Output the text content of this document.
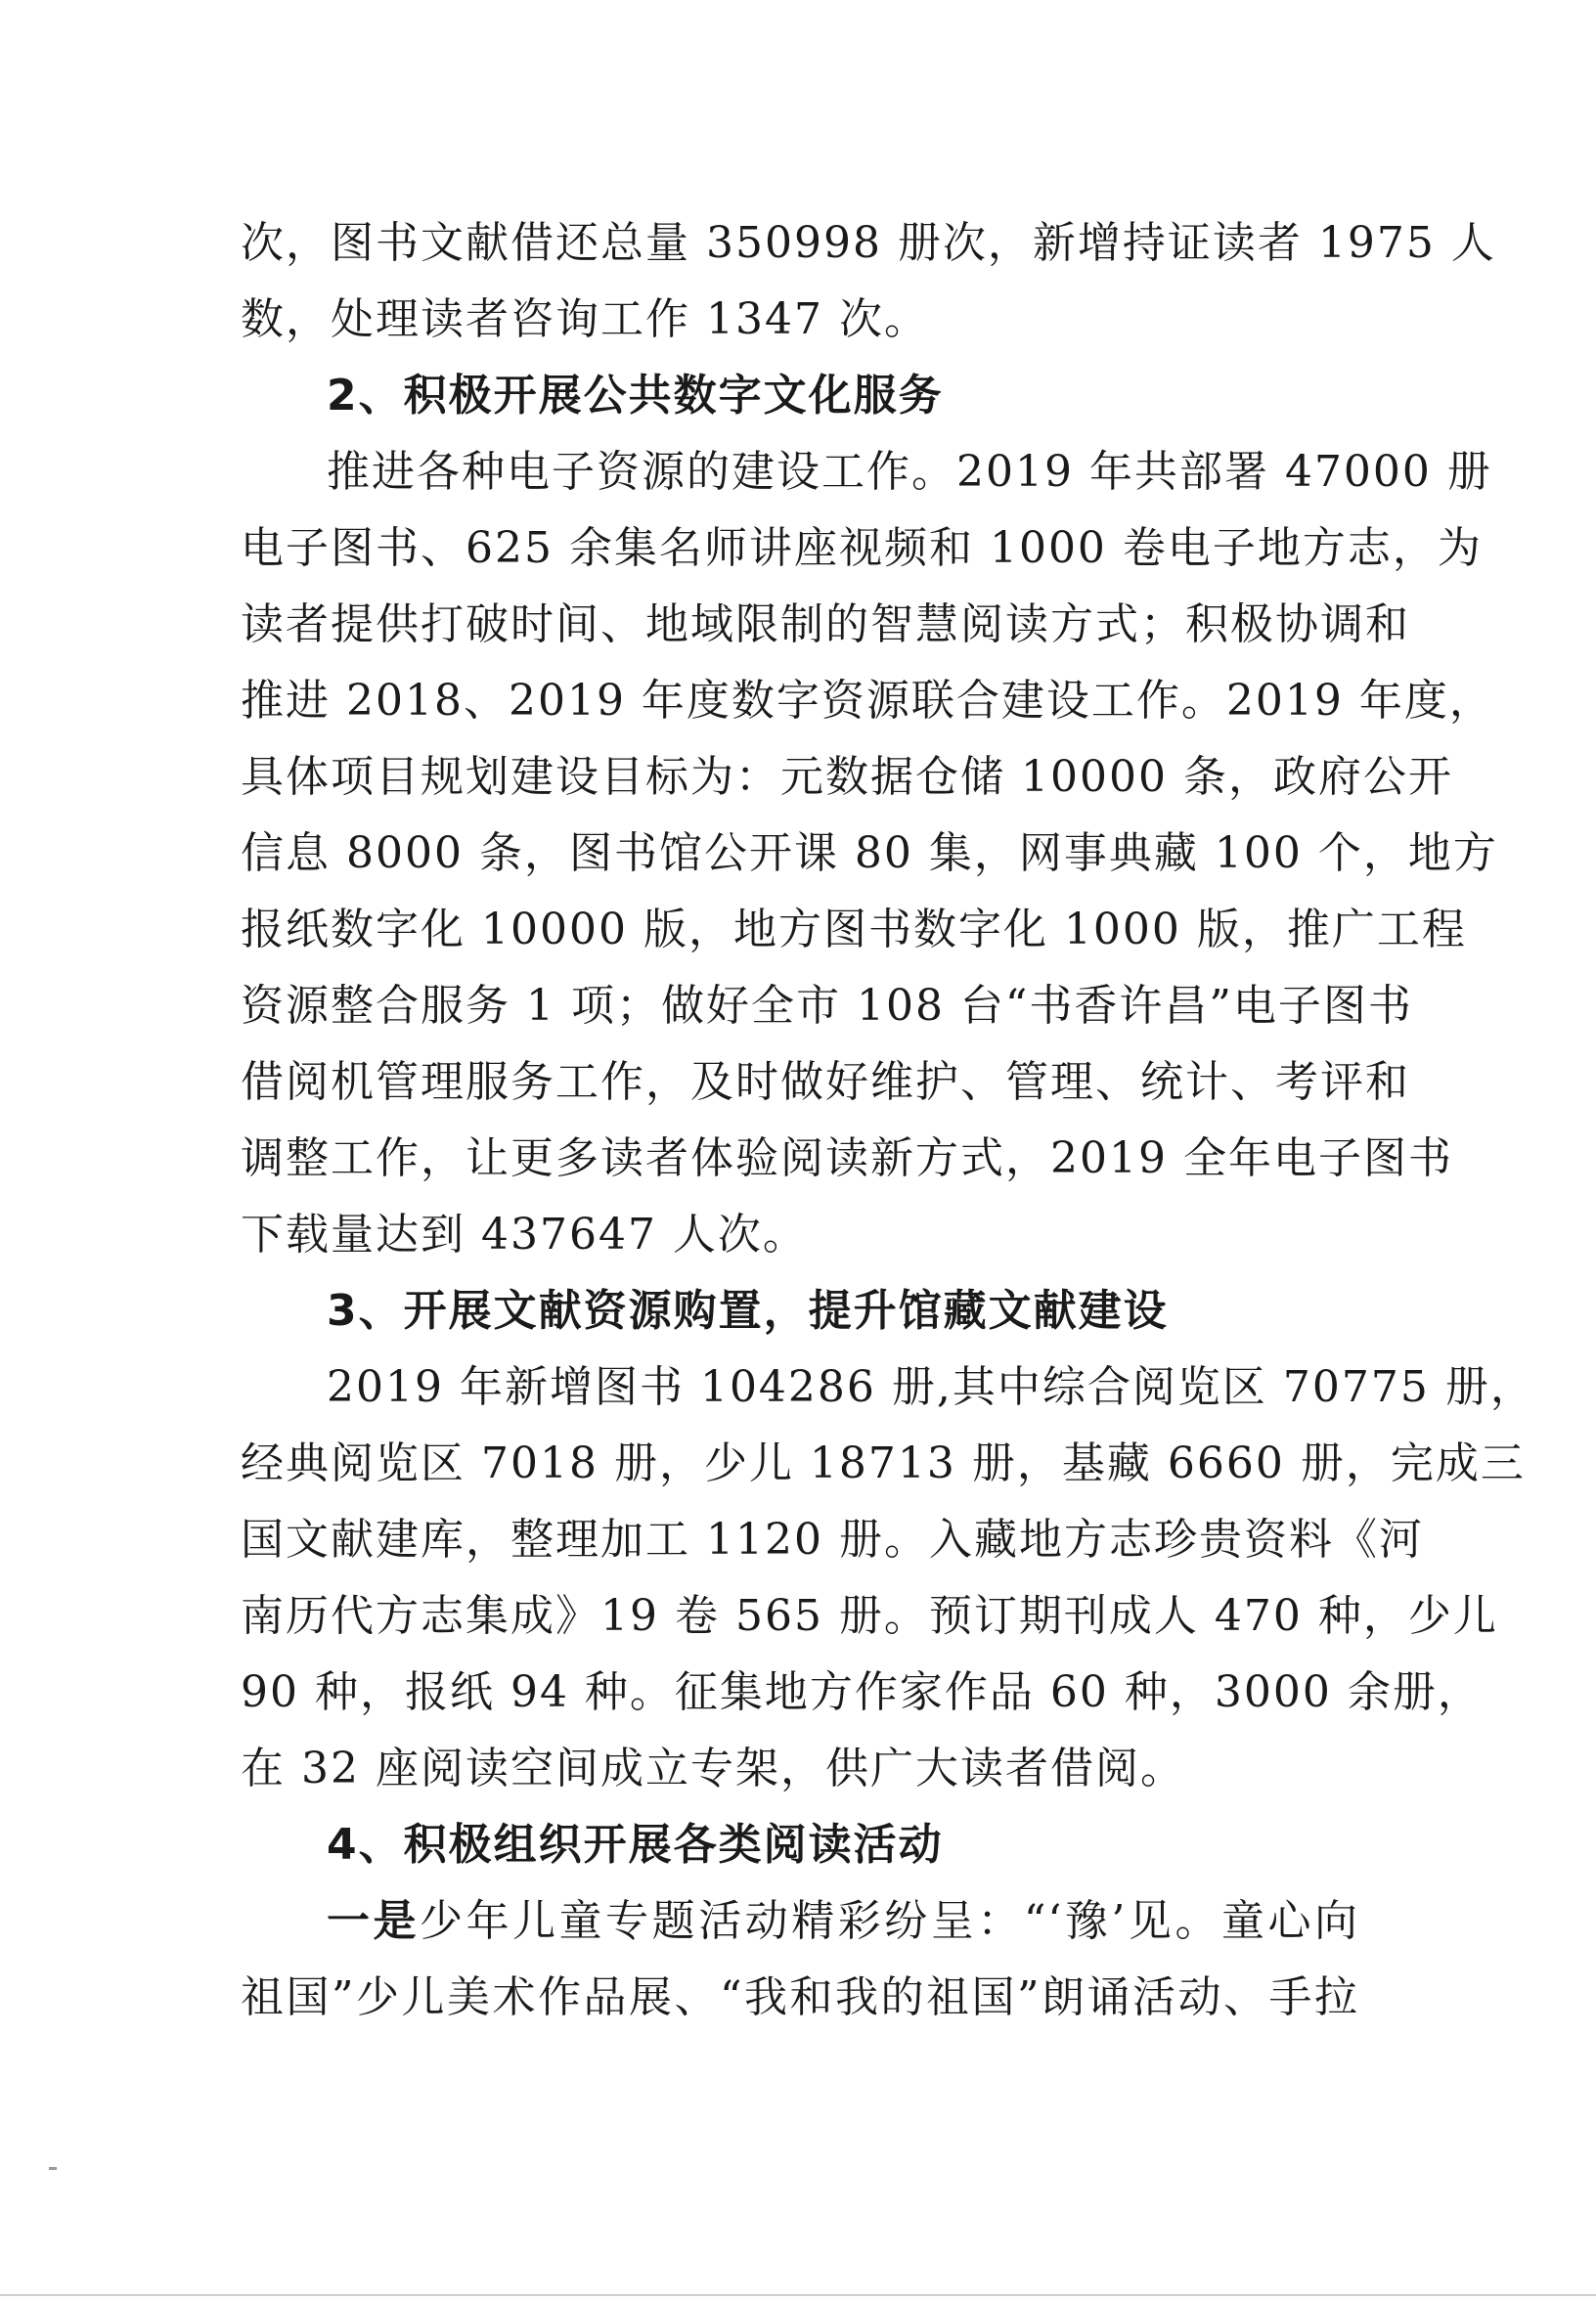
次，图书文献借还总量 350998 册次，新增持证读者 1975 人
数，处理读者咨询工作 1347 次。
2、积极开展公共数字文化服务
推进各种电子资源的建设工作。2019 年共部署 47000 册
电子图书、625 余集名师讲座视频和 1000 卷电子地方志，为
读者提供打破时间、地域限制的智慧阅读方式；积极协调和
推进 2018、2019 年度数字资源联合建设工作。2019 年度，
具体项目规划建设目标为：元数据仓储 10000 条，政府公开
信息 8000 条，图书馆公开课 80 集，网事典藏 100 个，地方
报纸数字化 10000 版，地方图书数字化 1000 版，推广工程
资源整合服务 1 项；做好全市 108 台“书香许昌”电子图书
借阅机管理服务工作，及时做好维护、管理、统计、考评和
调整工作，让更多读者体验阅读新方式，2019 全年电子图书
下载量达到 437647 人次。
3、开展文献资源购置，提升馆藏文献建设
2019 年新增图书 104286 册,其中综合阅览区 70775 册，
经典阅览区 7018 册，少儿 18713 册，基藏 6660 册，完成三
国文献建库，整理加工 1120 册。入藏地方志珍贵资料《河
南历代方志集成》19 卷 565 册。预订期刊成人 470 种，少儿
90 种，报纸 94 种。征集地方作家作品 60 种，3000 余册，
在 32 座阅读空间成立专架，供广大读者借阅。
4、积极组织开展各类阅读活动
一是少年儿童专题活动精彩纷呈：“‘豫’见。童心向
祖国”少儿美术作品展、“我和我的祖国”朗诵活动、手拉
